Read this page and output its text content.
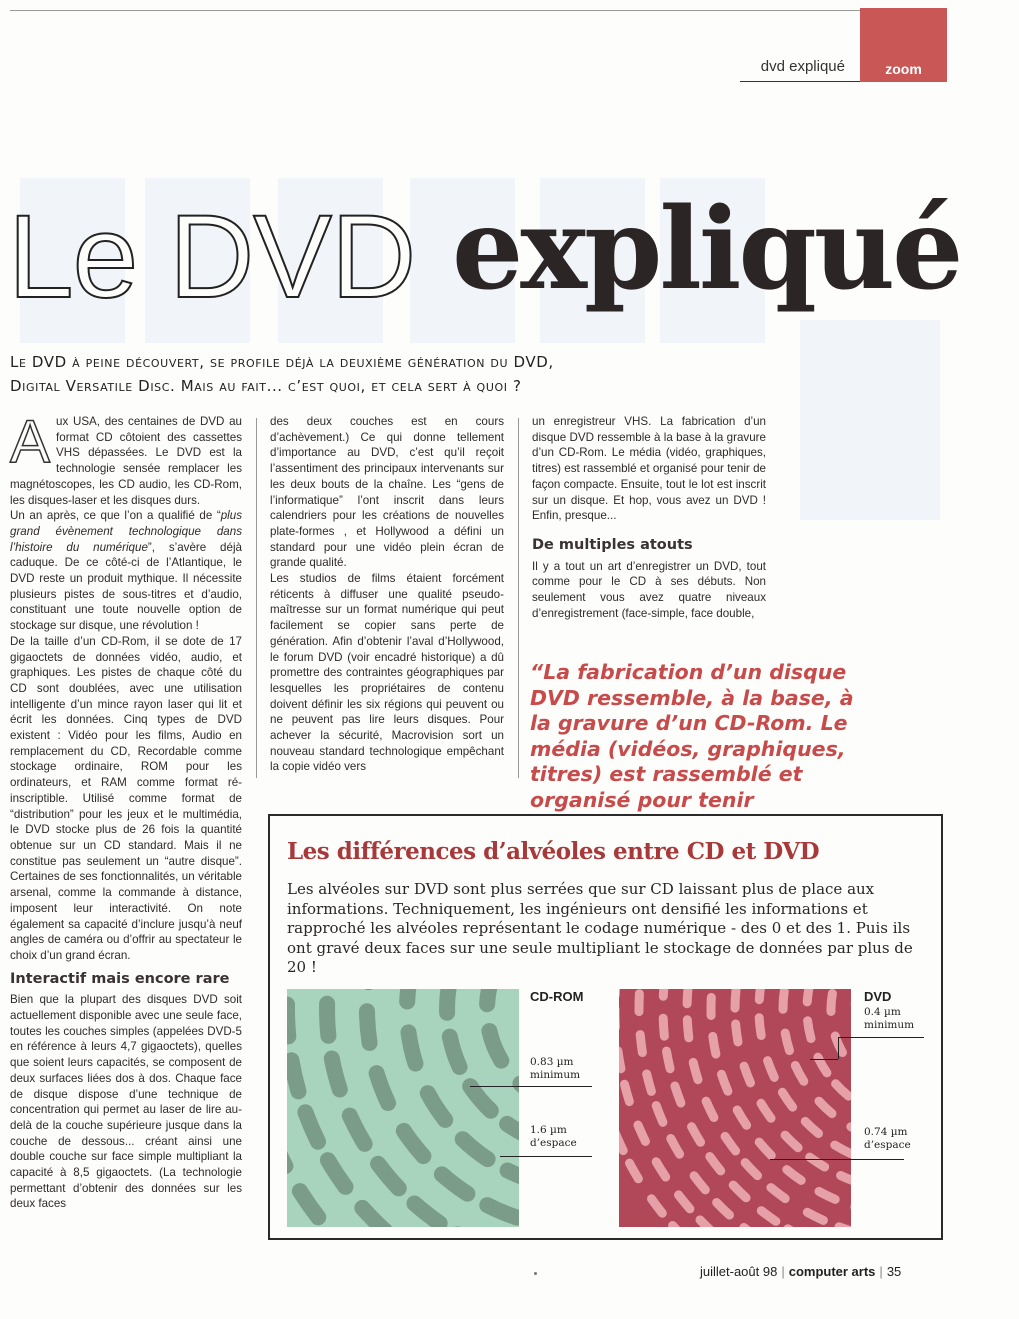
dvd expliqué	zoom
Le DVD expliqué
Le DVD à peine découvert, se profile déjà la deuxième génération du DVD,
Digital Versatile Disc. Mais au fait... c’est quoi, et cela sert à quoi ?
A ux USA, des centaines de DVD au format CD côtoient des cassettes VHS dépassées. Le DVD est la technologie sensée remplacer les magnétoscopes, les CD audio, les CD-Rom, les disques-laser et les disques durs.

Un an après, ce que l’on a qualifié de “plus grand évènement technologique dans l’histoire du numérique”, s’avère déjà caduque. De ce côté-ci de l’Atlantique, le DVD reste un produit mythique. Il nécessite plusieurs pistes de sous-titres et d’audio, constituant une toute nouvelle option de stockage sur disque, une révolution !

De la taille d’un CD-Rom, il se dote de 17 gigaoctets de données vidéo, audio, et graphiques. Les pistes de chaque côté du CD sont doublées, avec une utilisation intelligente d’un mince rayon laser qui lit et écrit les données. Cinq types de DVD existent : Vidéo pour les films, Audio en remplacement du CD, Recordable comme stockage ordinaire, ROM pour les ordinateurs, et RAM comme format ré-inscriptible. Utilisé comme format de “distribution” pour les jeux et le multimédia, le DVD stocke plus de 26 fois la quantité obtenue sur un CD standard. Mais il ne constitue pas seulement un “autre disque”. Certaines de ses fonctionnalités, un véritable arsenal, comme la commande à distance, imposent leur interactivité. On note également sa capacité d’inclure jusqu’à neuf angles de caméra ou d’offrir au spectateur le choix d’un grand écran.

Interactif mais encore rare

Bien que la plupart des disques DVD soit actuellement disponible avec une seule face, toutes les couches simples (appelées DVD-5 en référence à leurs 4,7 gigaoctets), quelles que soient leurs capacités, se composent de deux surfaces liées dos à dos. Chaque face de disque dispose d’une technique de concentration qui permet au laser de lire au-delà de la couche supérieure jusque dans la couche de dessous... créant ainsi une double couche sur face simple multipliant la capacité à 8,5 gigaoctets. (La technologie permettant d’obtenir des données sur les deux faces

des deux couches est en cours d’achèvement.) Ce qui donne tellement d’importance au DVD, c’est qu’il reçoit l’assentiment des principaux intervenants sur les deux bouts de la chaîne. Les “gens de l’informatique” l’ont inscrit dans leurs calendriers pour les créations de nouvelles plate-formes , et Hollywood a défini un standard pour une vidéo plein écran de grande qualité.

Les studios de films étaient forcément réticents à diffuser une qualité pseudo-maîtresse sur un format numérique qui peut facilement se copier sans perte de génération. Afin d’obtenir l’aval d’Hollywood, le forum DVD (voir encadré historique) a dû promettre des contraintes géographiques par lesquelles les propriétaires de contenu doivent définir les six régions qui peuvent ou ne peuvent pas lire leurs disques. Pour achever la sécurité, Macrovision sort un nouveau standard technologique empêchant la copie vidéo vers

un enregistreur VHS. La fabrication d’un disque DVD ressemble à la base à la gravure d’un CD-Rom. Le média (vidéo, graphiques, titres) est rassemblé et organisé pour tenir de façon compacte. Ensuite, tout le lot est inscrit sur un disque. Et hop, vous avez un DVD ! Enfin, presque...

De multiples atouts

Il y a tout un art d’enregistrer un DVD, tout comme pour le CD à ses débuts. Non seulement vous avez quatre niveaux d’enregistrement (face-simple, face double,

“La fabrication d’un disque DVD ressemble, à la base, à la gravure d’un CD-Rom. Le média (vidéos, graphiques, titres) est rassemblé et organisé pour tenir
Les différences d’alvéoles entre CD et DVD
Les alvéoles sur DVD sont plus serrées que sur CD laissant plus de place aux informations. Techniquement, les ingénieurs ont densifié les informations et rapproché les alvéoles représentant le codage numérique - des 0 et des 1. Puis ils ont gravé deux faces sur une seule multipliant le stockage de données par plus de 20 !
CD-ROM
0.83 µm minimum
1.6 µm d’espace
DVD
0.4 µm minimum
0.74 µm d’espace
juillet-août 98 | computer arts | 35
